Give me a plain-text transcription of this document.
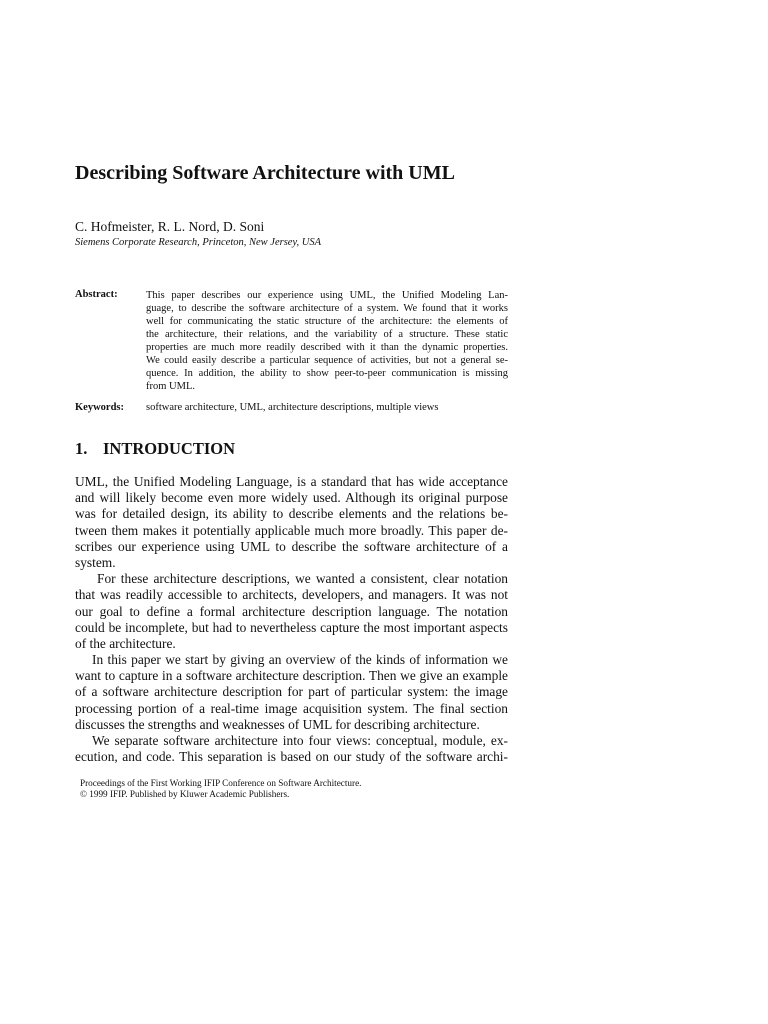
Describing Software Architecture with UML
C. Hofmeister, R. L. Nord, D. Soni
Siemens Corporate Research, Princeton, New Jersey, USA
Abstract:	This paper describes our experience using UML, the Unified Modeling Lan-
guage, to describe the software architecture of a system. We found that it works
well for communicating the static structure of the architecture: the elements of
the architecture, their relations, and the variability of a structure. These static
properties are much more readily described with it than the dynamic properties.
We could easily describe a particular sequence of activities, but not a general se-
quence. In addition, the ability to show peer-to-peer communication is missing
from UML.
Keywords: software architecture, UML, architecture descriptions, multiple views
1. INTRODUCTION
UML, the Unified Modeling Language, is a standard that has wide acceptance
and will likely become even more widely used. Although its original purpose
was for detailed design, its ability to describe elements and the relations be-
tween them makes it potentially applicable much more broadly. This paper de-
scribes our experience using UML to describe the software architecture of a
system.
For these architecture descriptions, we wanted a consistent, clear notation
that was readily accessible to architects, developers, and managers. It was not
our goal to define a formal architecture description language. The notation
could be incomplete, but had to nevertheless capture the most important aspects
of the architecture.
In this paper we start by giving an overview of the kinds of information we
want to capture in a software architecture description. Then we give an example
of a software architecture description for part of particular system: the image
processing portion of a real-time image acquisition system. The final section
discusses the strengths and weaknesses of UML for describing architecture.
We separate software architecture into four views: conceptual, module, ex-
ecution, and code. This separation is based on our study of the software archi-
Proceedings of the First Working IFIP Conference on Software Architecture.
© 1999 IFIP. Published by Kluwer Academic Publishers.
